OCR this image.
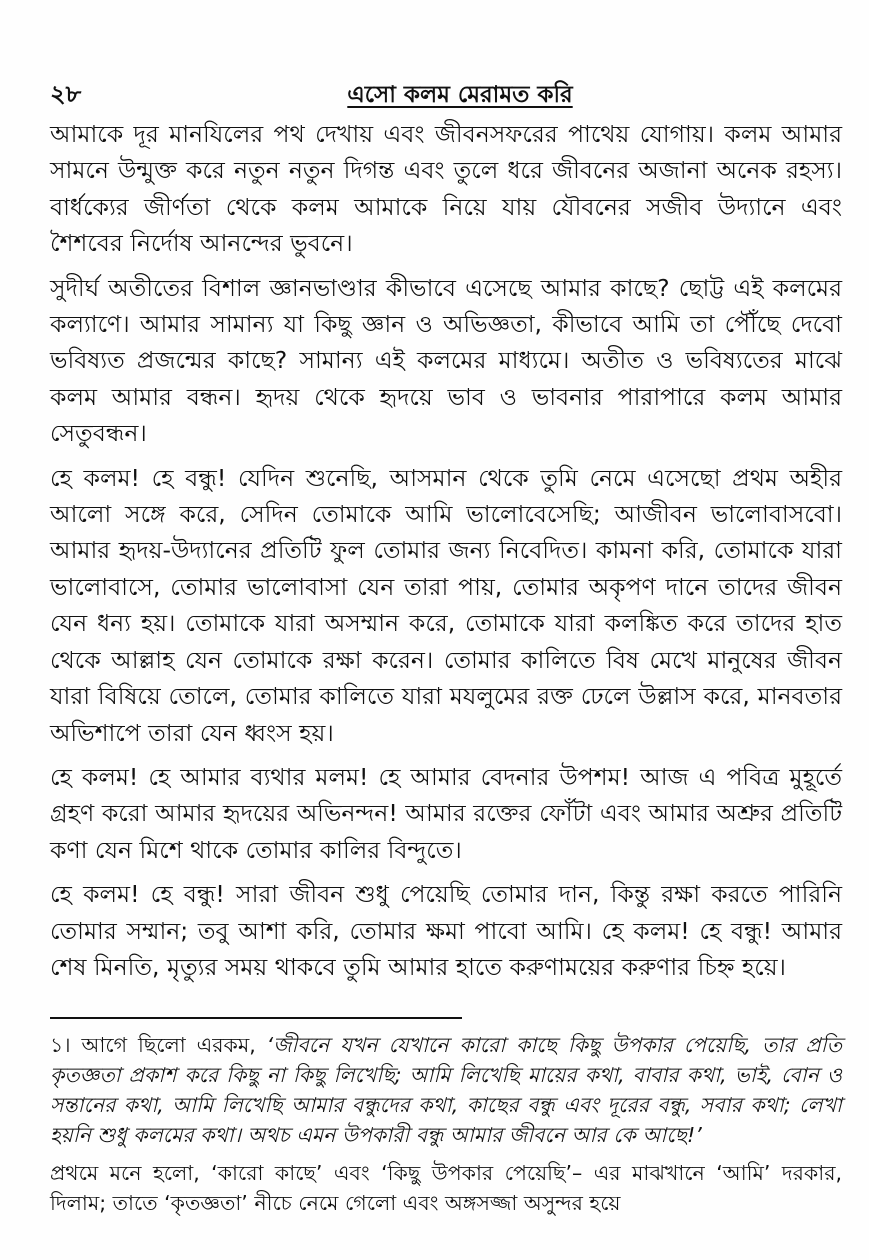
২৮	এসো কলম মেরামত করি

আমাকে দূর মানযিলের পথ দেখায় এবং জীবনসফরের পাথেয় যোগায়। কলম আমার সামনে উন্মুক্ত করে নতুন নতুন দিগন্ত এবং তুলে ধরে জীবনের অজানা অনেক রহস্য। বার্ধক্যের জীর্ণতা থেকে কলম আমাকে নিয়ে যায় যৌবনের সজীব উদ্যানে এবং শৈশবের নির্দোষ আনন্দের ভুবনে।

সুদীর্ঘ অতীতের বিশাল জ্ঞানভাণ্ডার কীভাবে এসেছে আমার কাছে? ছোট্ট এই কলমের কল্যাণে। আমার সামান্য যা কিছু জ্ঞান ও অভিজ্ঞতা, কীভাবে আমি তা পৌঁছে দেবো ভবিষ্যত প্রজন্মের কাছে? সামান্য এই কলমের মাধ্যমে। অতীত ও ভবিষ্যতের মাঝে কলম আমার বন্ধন। হৃদয় থেকে হৃদয়ে ভাব ও ভাবনার পারাপারে কলম আমার সেতুবন্ধন।

হে কলম! হে বন্ধু! যেদিন শুনেছি, আসমান থেকে তুমি নেমে এসেছো প্রথম অহীর আলো সঙ্গে করে, সেদিন তোমাকে আমি ভালোবেসেছি; আজীবন ভালোবাসবো। আমার হৃদয়-উদ্যানের প্রতিটি ফুল তোমার জন্য নিবেদিত। কামনা করি, তোমাকে যারা ভালোবাসে, তোমার ভালোবাসা যেন তারা পায়, তোমার অকৃপণ দানে তাদের জীবন যেন ধন্য হয়। তোমাকে যারা অসম্মান করে, তোমাকে যারা কলঙ্কিত করে তাদের হাত থেকে আল্লাহ যেন তোমাকে রক্ষা করেন। তোমার কালিতে বিষ মেখে মানুষের জীবন যারা বিষিয়ে তোলে, তোমার কালিতে যারা মযলুমের রক্ত ঢেলে উল্লাস করে, মানবতার অভিশাপে তারা যেন ধ্বংস হয়।

হে কলম! হে আমার ব্যথার মলম! হে আমার বেদনার উপশম! আজ এ পবিত্র মুহূর্তে গ্রহণ করো আমার হৃদয়ের অভিনন্দন! আমার রক্তের ফোঁটা এবং আমার অশ্রুর প্রতিটি কণা যেন মিশে থাকে তোমার কালির বিন্দুতে।

হে কলম! হে বন্ধু! সারা জীবন শুধু পেয়েছি তোমার দান, কিন্তু রক্ষা করতে পারিনি তোমার সম্মান; তবু আশা করি, তোমার ক্ষমা পাবো আমি। হে কলম! হে বন্ধু! আমার শেষ মিনতি, মৃত্যুর সময় থাকবে তুমি আমার হাতে করুণাময়ের করুণার চিহ্ন হয়ে।

১। আগে ছিলো এরকম, ‘জীবনে যখন যেখানে কারো কাছে কিছু উপকার পেয়েছি, তার প্রতি কৃতজ্ঞতা প্রকাশ করে কিছু না কিছু লিখেছি; আমি লিখেছি মায়ের কথা, বাবার কথা, ভাই, বোন ও সন্তানের কথা, আমি লিখেছি আমার বন্ধুদের কথা, কাছের বন্ধু এবং দূরের বন্ধু, সবার কথা; লেখা হয়নি শুধু কলমের কথা। অথচ এমন উপকারী বন্ধু আমার জীবনে আর কে আছে!’

প্রথমে মনে হলো, ‘কারো কাছে’ এবং ‘কিছু উপকার পেয়েছি’– এর মাঝখানে ‘আমি’ দরকার, দিলাম; তাতে ‘কৃতজ্ঞতা’ নীচে নেমে গেলো এবং অঙ্গসজ্জা অসুন্দর হয়ে
